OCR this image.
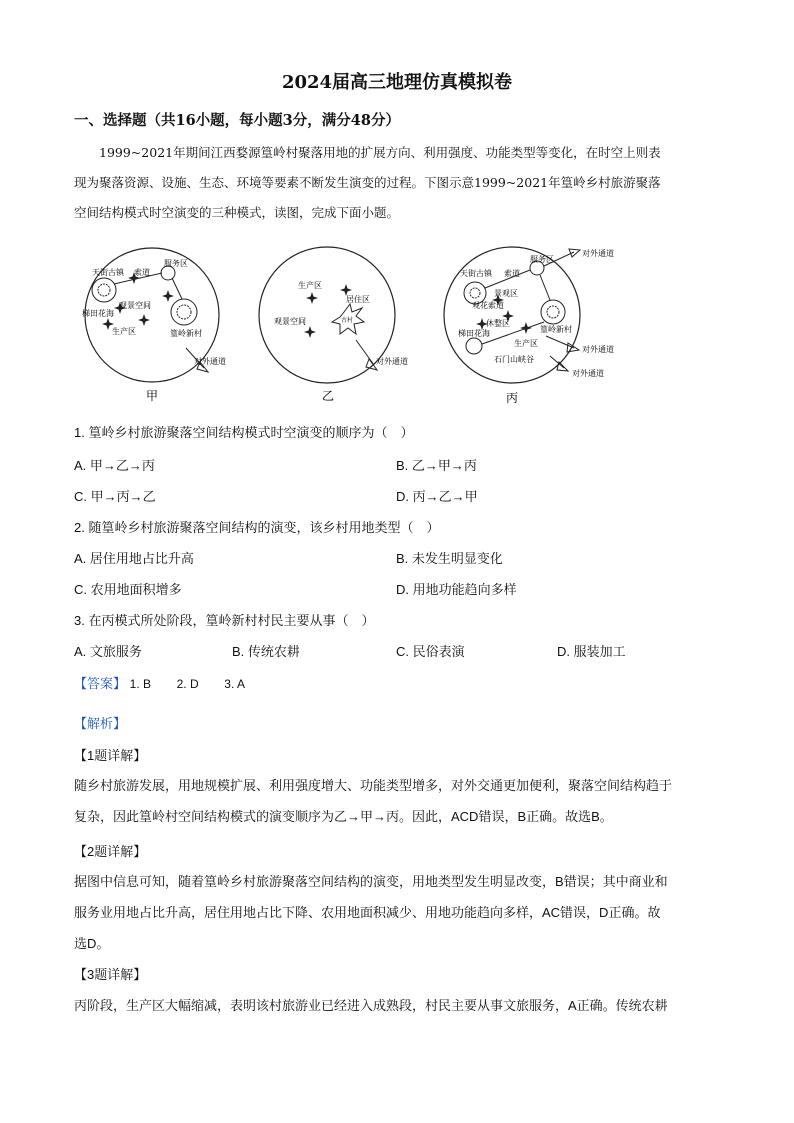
2024届高三地理仿真模拟卷
一、选择题（共16小题，每小题3分，满分48分）
1999~2021年期间江西婺源篁岭村聚落用地的扩展方向、利用强度、功能类型等变化，在时空上则表
现为聚落资源、设施、生态、环境等要素不断发生演变的过程。下图示意1999~2021年篁岭乡村旅游聚落
空间结构模式时空演变的三种模式，读图，完成下面小题。
服务区
天街古镇 索道
观景空间
梯田花海
生产区	篁岭新村
对外通道
甲
生产区
居住区
观景空间	古村
对外通道
乙
服务区
天街古镇 索道
景观区
观花索道
休整区
梯田花海	篁岭新村
生产区
石门山峡谷
对外通道
对外通道
对外通道
丙
1. 篁岭乡村旅游聚落空间结构模式时空演变的顺序为（　）
A. 甲→乙→丙	B. 乙→甲→丙
C. 甲→丙→乙	D. 丙→乙→甲
2. 随篁岭乡村旅游聚落空间结构的演变，该乡村用地类型（　）
A. 居住用地占比升高	B. 未发生明显变化
C. 农用地面积增多	D. 用地功能趋向多样
3. 在丙模式所处阶段，篁岭新村村民主要从事（　）
A. 文旅服务	B. 传统农耕	C. 民俗表演	D. 服装加工
【答案】 1. B 2. D 3. A
【解析】
【1题详解】
随乡村旅游发展，用地规模扩展、利用强度增大、功能类型增多，对外交通更加便利，聚落空间结构趋于
复杂，因此篁岭村空间结构模式的演变顺序为乙→甲→丙。因此，ACD错误，B正确。故选B。
【2题详解】
据图中信息可知，随着篁岭乡村旅游聚落空间结构的演变，用地类型发生明显改变，B错误；其中商业和
服务业用地占比升高，居住用地占比下降、农用地面积减少、用地功能趋向多样，AC错误，D正确。故
选D。
【3题详解】
丙阶段，生产区大幅缩减，表明该村旅游业已经进入成熟段，村民主要从事文旅服务，A正确。传统农耕
